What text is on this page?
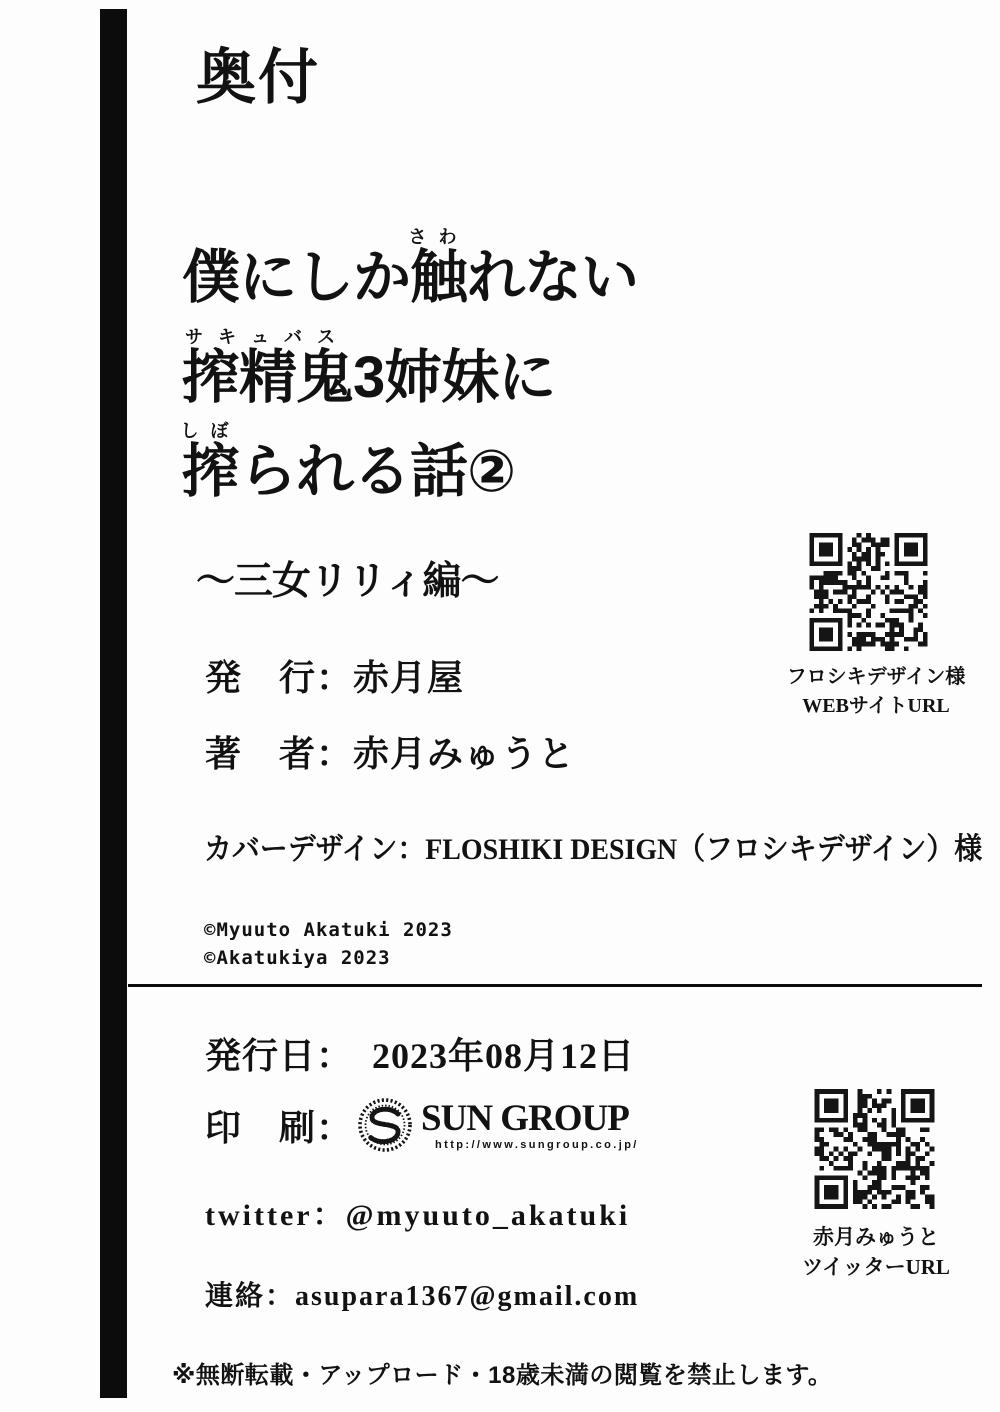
奥付
僕にしか
さわ
触れない
サキュバス
搾精鬼3姉妹に
しぼ
搾られる話②
～三女リリィ編～
フロシキデザイン様
WEBサイトURL
発　行：赤月屋
著　者：赤月みゅうと
カバーデザイン：FLOSHIKI DESIGN（フロシキデザイン）様
©Myuuto Akatuki 2023
©Akatukiya 2023
発行日：　2023年08月12日
印　刷： SUN GROUP
http://www.sungroup.co.jp/
twitter：@myuuto_akatuki
連絡：asupara1367@gmail.com
赤月みゅうと
ツイッターURL
※無断転載・アップロード・18歳未満の閲覧を禁止します。
